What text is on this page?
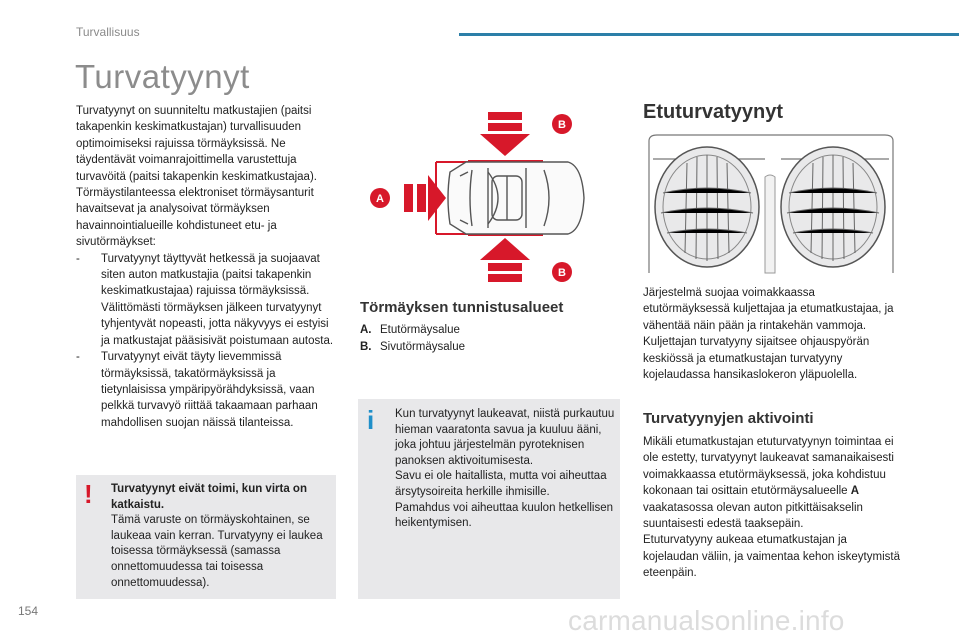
Turvallisuus
Turvatyynyt

Turvatyynyt on suunniteltu matkustajien (paitsi takapenkin keskimatkustajan) turvallisuuden optimoimiseksi rajuissa törmäyksissä. Ne täydentävät voimanrajoittimella varustettuja turvavöitä (paitsi takapenkin keskimatkustajaa).

Törmäystilanteessa elektroniset törmäysanturit havaitsevat ja analysoivat törmäyksen havainnointialueille kohdistuneet etu- ja sivutörmäykset:

-	Turvatyynyt täyttyvät hetkessä ja suojaavat siten auton matkustajia (paitsi takapenkin keskimatkustajaa) rajuissa törmäyksissä. Välittömästi törmäyksen jälkeen turvatyynyt tyhjentyvät nopeasti, jotta näkyvyys ei estyisi ja matkustajat pääsisivät poistumaan autosta.
-	Turvatyynyt eivät täyty lievemmissä törmäyksissä, takatörmäyksissä ja tietynlaisissa ympäripyörähdyksissä, vaan pelkkä turvavyö riittää takaamaan parhaan mahdollisen suojan näissä tilanteissa.
! Turvatyynyt eivät toimi, kun virta on katkaistu.
Tämä varuste on törmäyskohtainen, se laukeaa vain kerran. Turvatyyny ei laukea toisessa törmäyksessä (samassa onnettomuudessa tai toisessa onnettomuudessa).
A
B
B
Törmäyksen tunnistusalueet
A. Etutörmäysalue
B. Sivutörmäysalue
i Kun turvatyynyt laukeavat, niistä purkautuu hieman vaaratonta savua ja kuuluu ääni, joka johtuu järjestelmän pyroteknisen panoksen aktivoitumisesta.
Savu ei ole haitallista, mutta voi aiheuttaa ärsytysoireita herkille ihmisille.
Pamahdus voi aiheuttaa kuulon hetkellisen heikentymisen.
Etuturvatyynyt
Järjestelmä suojaa voimakkaassa etutörmäyksessä kuljettajaa ja etumatkustajaa, ja vähentää näin pään ja rintakehän vammoja. Kuljettajan turvatyyny sijaitsee ohjauspyörän keskiössä ja etumatkustajan turvatyyny kojelaudassa hansikaslokeron yläpuolella.
Turvatyynyjen aktivointi
Mikäli etumatkustajan etuturvatyynyn toimintaa ei ole estetty, turvatyynyt laukeavat samanaikaisesti voimakkaassa etutörmäyksessä, joka kohdistuu kokonaan tai osittain etutörmäysalueelle A vaakatasossa olevan auton pitkittäisakselin suuntaisesti edestä taaksepäin.
Etuturvatyyny aukeaa etumatkustajan ja kojelaudan väliin, ja vaimentaa kehon iskeytymistä eteenpäin.
154	carmanualsonline.info
